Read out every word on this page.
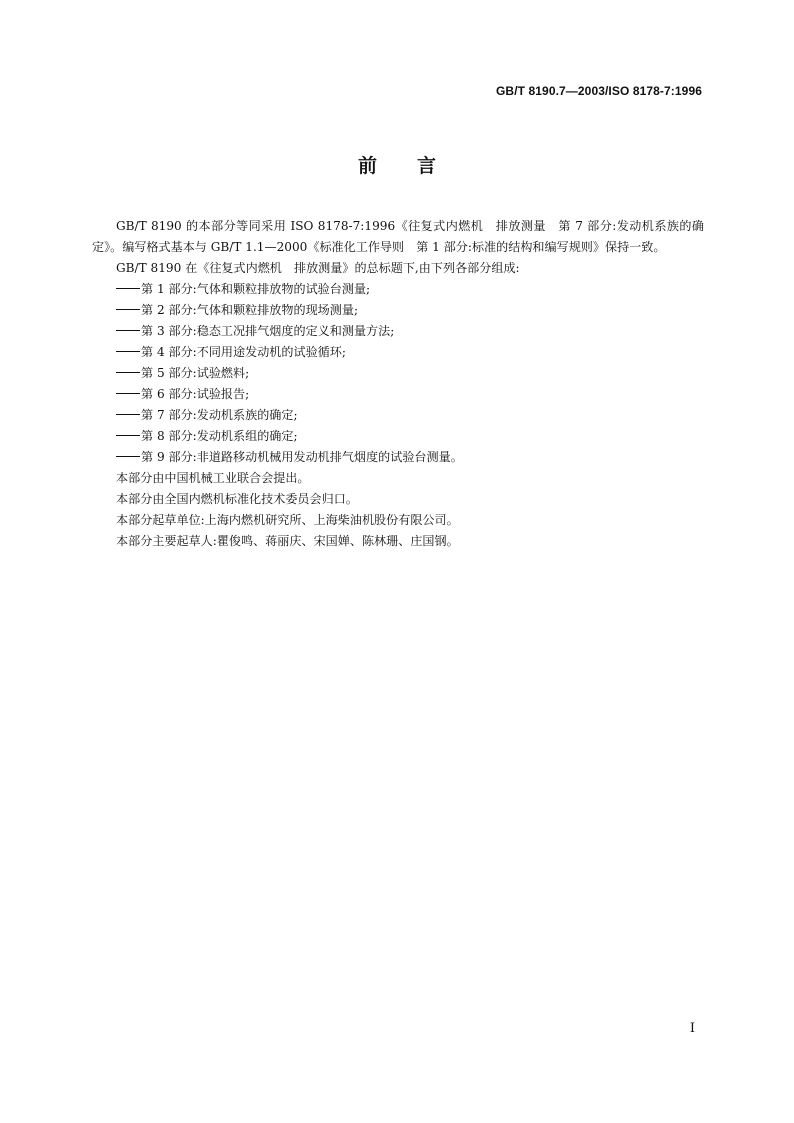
GB/T 8190.7—2003/ISO 8178-7:1996
前言

GB/T 8190 的本部分等同采用 ISO 8178-7:1996《往复式内燃机　排放测量　第 7 部分:发动机系族的确定》。编写格式基本与 GB/T 1.1—2000《标准化工作导则　第 1 部分:标准的结构和编写规则》保持一致。

GB/T 8190 在《往复式内燃机　排放测量》的总标题下,由下列各部分组成:

第 1 部分:气体和颗粒排放物的试验台测量;
第 2 部分:气体和颗粒排放物的现场测量;
第 3 部分:稳态工况排气烟度的定义和测量方法;
第 4 部分:不同用途发动机的试验循环;
第 5 部分:试验燃料;
第 6 部分:试验报告;
第 7 部分:发动机系族的确定;
第 8 部分:发动机系组的确定;
第 9 部分:非道路移动机械用发动机排气烟度的试验台测量。

本部分由中国机械工业联合会提出。

本部分由全国内燃机标准化技术委员会归口。

本部分起草单位:上海内燃机研究所、上海柴油机股份有限公司。

本部分主要起草人:瞿俊鸣、蒋丽庆、宋国婵、陈林珊、庄国钢。

I
